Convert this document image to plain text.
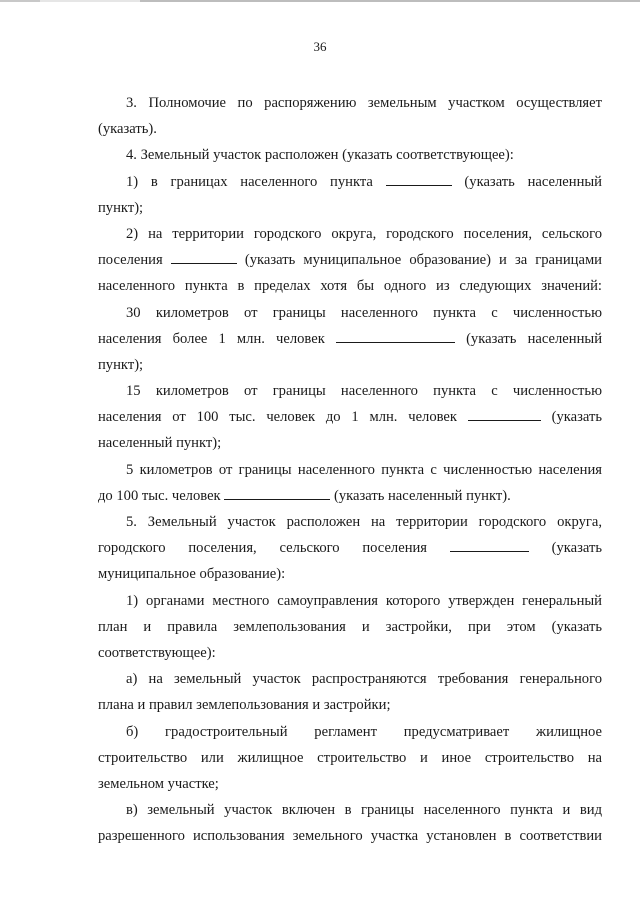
36
3. Полномочие по распоряжению земельным участком осуществляет
(указать).
4. Земельный участок расположен (указать соответствующее):
1) в границах населенного пункта	(указать населенный
пункт);
2) на территории городского округа, городского поселения, сельского
поселения	(указать муниципальное образование) и за границами
населенного пункта в пределах хотя бы одного из следующих значений:
30 километров от границы населенного пункта с численностью
населения более 1 млн. человек	(указать населенный
пункт);
15 километров от границы населенного пункта с численностью
населения от 100 тыс. человек до 1 млн. человек	(указать
населенный пункт);
5 километров от границы населенного пункта с численностью населения
до 100 тыс. человек	(указать населенный пункт).
5. Земельный участок расположен на территории городского округа,
городского поселения, сельского поселения	(указать
муниципальное образование):
1) органами местного самоуправления которого утвержден генеральный
план и правила землепользования и застройки, при этом (указать
соответствующее):
а) на земельный участок распространяются требования генерального
плана и правил землепользования и застройки;
б) градостроительный регламент предусматривает жилищное
строительство или жилищное строительство и иное строительство на
земельном участке;
в) земельный участок включен в границы населенного пункта и вид
разрешенного использования земельного участка установлен в соответствии
